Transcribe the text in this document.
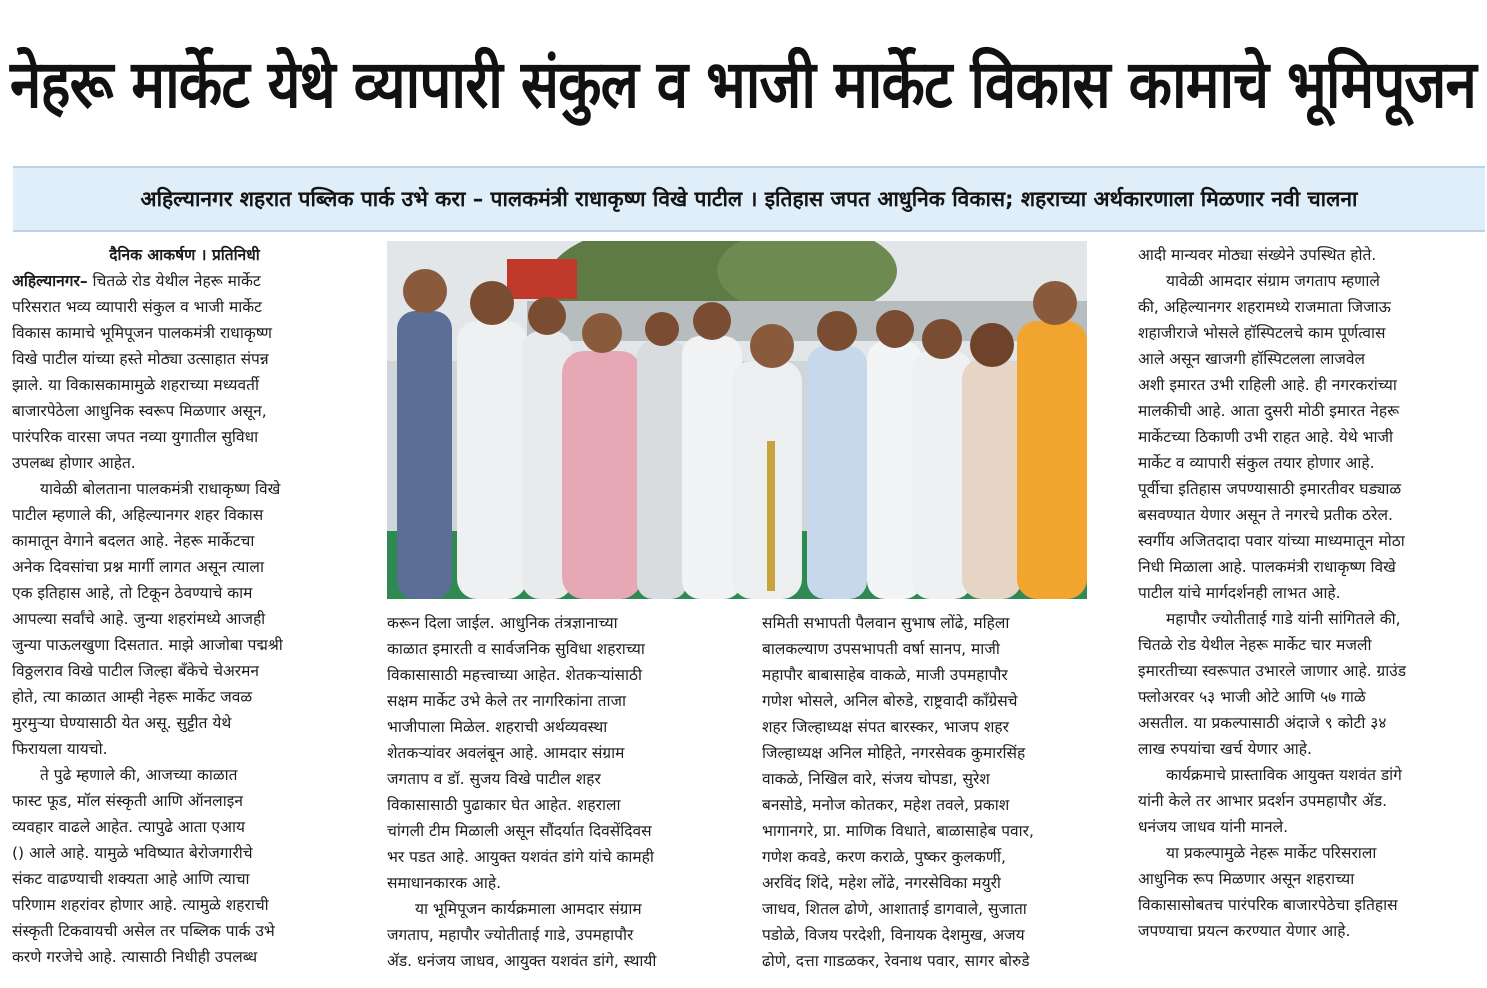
नेहरू मार्केट येथे व्यापारी संकुल व भाजी मार्केट विकास कामाचे भूमिपूजन
अहिल्यानगर शहरात पब्लिक पार्क उभे करा – पालकमंत्री राधाकृष्ण विखे पाटील । इतिहास जपत आधुनिक विकास; शहराच्या अर्थकारणाला मिळणार नवी चालना
दैनिक आकर्षण । प्रतिनिधी
अहिल्यानगर– चितळे रोड येथील नेहरू मार्केट
परिसरात भव्य व्यापारी संकुल व भाजी मार्केट
विकास कामाचे भूमिपूजन पालकमंत्री राधाकृष्ण
विखे पाटील यांच्या हस्ते मोठ्या उत्साहात संपन्न
झाले. या विकासकामामुळे शहराच्या मध्यवर्ती
बाजारपेठेला आधुनिक स्वरूप मिळणार असून,
पारंपरिक वारसा जपत नव्या युगातील सुविधा
उपलब्ध होणार आहेत.
यावेळी बोलताना पालकमंत्री राधाकृष्ण विखे
पाटील म्हणाले की, अहिल्यानगर शहर विकास
कामातून वेगाने बदलत आहे. नेहरू मार्केटचा
अनेक दिवसांचा प्रश्न मार्गी लागत असून त्याला
एक इतिहास आहे, तो टिकून ठेवण्याचे काम
आपल्या सर्वांचे आहे. जुन्या शहरांमध्ये आजही
जुन्या पाऊलखुणा दिसतात. माझे आजोबा पद्मश्री
विठ्ठलराव विखे पाटील जिल्हा बँकेचे चेअरमन
होते, त्या काळात आम्ही नेहरू मार्केट जवळ
मुरमुऱ्या घेण्यासाठी येत असू. सुट्टीत येथे
फिरायला यायचो.
ते पुढे म्हणाले की, आजच्या काळात
फास्ट फूड, मॉल संस्कृती आणि ऑनलाइन
व्यवहार वाढले आहेत. त्यापुढे आता एआय
() आले आहे. यामुळे भविष्यात बेरोजगारीचे
संकट वाढण्याची शक्यता आहे आणि त्याचा
परिणाम शहरांवर होणार आहे. त्यामुळे शहराची
संस्कृती टिकवायची असेल तर पब्लिक पार्क उभे
करणे गरजेचे आहे. त्यासाठी निधीही उपलब्ध
करून दिला जाईल. आधुनिक तंत्रज्ञानाच्या
काळात इमारती व सार्वजनिक सुविधा शहराच्या
विकासासाठी महत्त्वाच्या आहेत. शेतकऱ्यांसाठी
सक्षम मार्केट उभे केले तर नागरिकांना ताजा
भाजीपाला मिळेल. शहराची अर्थव्यवस्था
शेतकऱ्यांवर अवलंबून आहे. आमदार संग्राम
जगताप व डॉ. सुजय विखे पाटील शहर
विकासासाठी पुढाकार घेत आहेत. शहराला
चांगली टीम मिळाली असून सौंदर्यात दिवसेंदिवस
भर पडत आहे. आयुक्त यशवंत डांगे यांचे कामही
समाधानकारक आहे.
या भूमिपूजन कार्यक्रमाला आमदार संग्राम
जगताप, महापौर ज्योतीताई गाडे, उपमहापौर
ॲड. धनंजय जाधव, आयुक्त यशवंत डांगे, स्थायी
समिती सभापती पैलवान सुभाष लोंढे, महिला
बालकल्याण उपसभापती वर्षा सानप, माजी
महापौर बाबासाहेब वाकळे, माजी उपमहापौर
गणेश भोसले, अनिल बोरुडे, राष्ट्रवादी कॉंग्रेसचे
शहर जिल्हाध्यक्ष संपत बारस्कर, भाजप शहर
जिल्हाध्यक्ष अनिल मोहिते, नगरसेवक कुमारसिंह
वाकळे, निखिल वारे, संजय चोपडा, सुरेश
बनसोडे, मनोज कोतकर, महेश तवले, प्रकाश
भागानगरे, प्रा. माणिक विधाते, बाळासाहेब पवार,
गणेश कवडे, करण कराळे, पुष्कर कुलकर्णी,
अरविंद शिंदे, महेश लोंढे, नगरसेविका मयुरी
जाधव, शितल ढोणे, आशाताई डागवाले, सुजाता
पडोळे, विजय परदेशी, विनायक देशमुख, अजय
ढोणे, दत्ता गाडळकर, रेवनाथ पवार, सागर बोरुडे
आदी मान्यवर मोठ्या संख्येने उपस्थित होते.
यावेळी आमदार संग्राम जगताप म्हणाले
की, अहिल्यानगर शहरामध्ये राजमाता जिजाऊ
शहाजीराजे भोसले हॉस्पिटलचे काम पूर्णत्वास
आले असून खाजगी हॉस्पिटलला लाजवेल
अशी इमारत उभी राहिली आहे. ही नगरकरांच्या
मालकीची आहे. आता दुसरी मोठी इमारत नेहरू
मार्केटच्या ठिकाणी उभी राहत आहे. येथे भाजी
मार्केट व व्यापारी संकुल तयार होणार आहे.
पूर्वीचा इतिहास जपण्यासाठी इमारतीवर घड्याळ
बसवण्यात येणार असून ते नगरचे प्रतीक ठरेल.
स्वर्गीय अजितदादा पवार यांच्या माध्यमातून मोठा
निधी मिळाला आहे. पालकमंत्री राधाकृष्ण विखे
पाटील यांचे मार्गदर्शनही लाभत आहे.
महापौर ज्योतीताई गाडे यांनी सांगितले की,
चितळे रोड येथील नेहरू मार्केट चार मजली
इमारतीच्या स्वरूपात उभारले जाणार आहे. ग्राउंड
फ्लोअरवर ५३ भाजी ओटे आणि ५७ गाळे
असतील. या प्रकल्पासाठी अंदाजे ९ कोटी ३४
लाख रुपयांचा खर्च येणार आहे.
कार्यक्रमाचे प्रास्ताविक आयुक्त यशवंत डांगे
यांनी केले तर आभार प्रदर्शन उपमहापौर ॲड.
धनंजय जाधव यांनी मानले.
या प्रकल्पामुळे नेहरू मार्केट परिसराला
आधुनिक रूप मिळणार असून शहराच्या
विकासासोबतच पारंपरिक बाजारपेठेचा इतिहास
जपण्याचा प्रयत्न करण्यात येणार आहे.
